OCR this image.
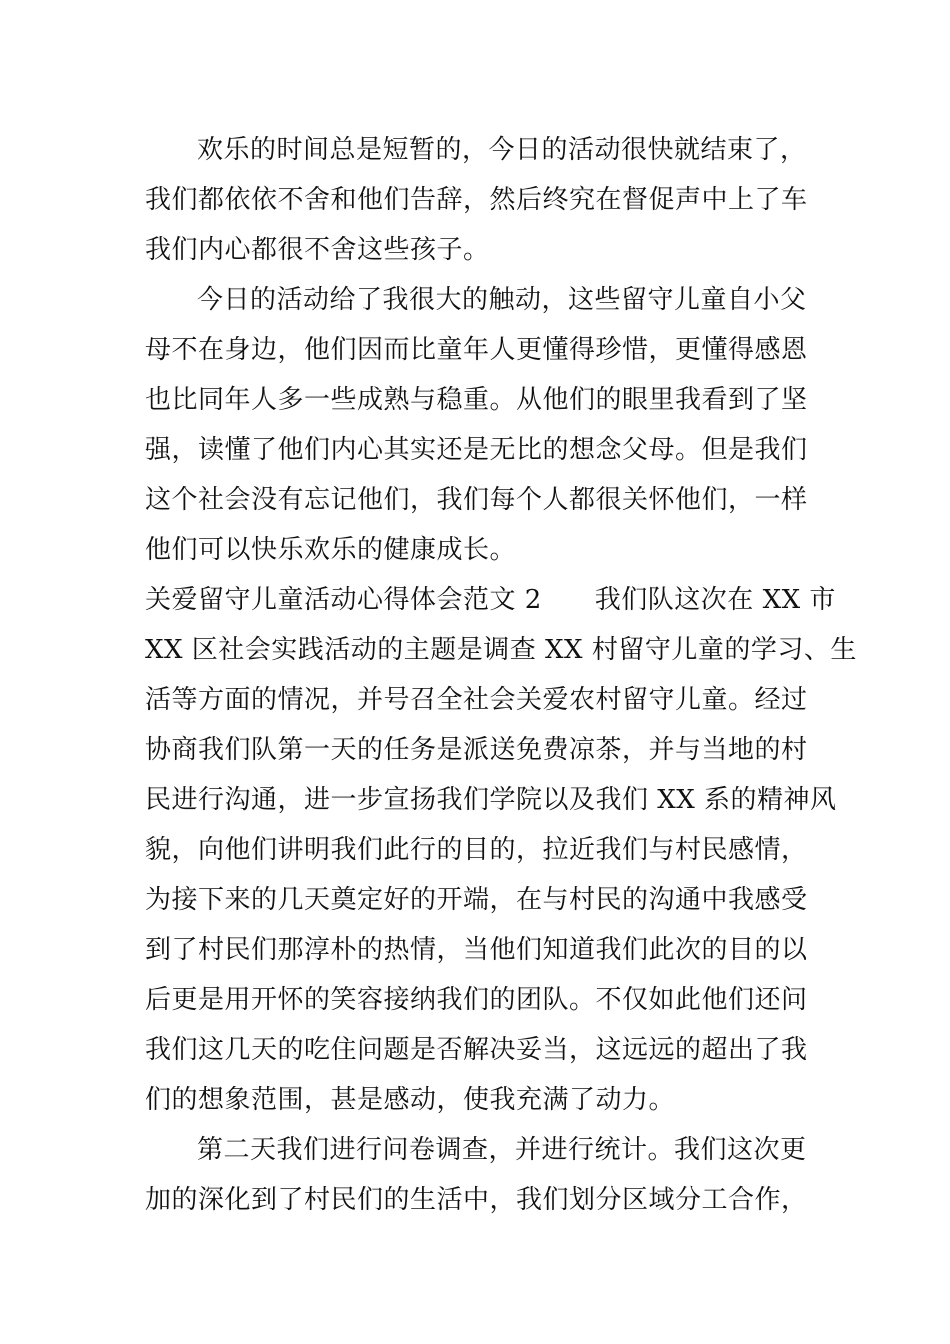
欢乐的时间总是短暂的，今日的活动很快就结束了，
我们都依依不舍和他们告辞，然后终究在督促声中上了车
我们内心都很不舍这些孩子。
今日的活动给了我很大的触动，这些留守儿童自小父
母不在身边，他们因而比童年人更懂得珍惜，更懂得感恩
也比同年人多一些成熟与稳重。从他们的眼里我看到了坚
强，读懂了他们内心其实还是无比的想念父母。但是我们
这个社会没有忘记他们，我们每个人都很关怀他们，一样
他们可以快乐欢乐的健康成长。
关爱留守儿童活动心得体会范文 2　　我们队这次在 XX 市
XX 区社会实践活动的主题是调查 XX 村留守儿童的学习、生
活等方面的情况，并号召全社会关爱农村留守儿童。经过
协商我们队第一天的任务是派送免费凉茶，并与当地的村
民进行沟通，进一步宣扬我们学院以及我们 XX 系的精神风
貌，向他们讲明我们此行的目的，拉近我们与村民感情，
为接下来的几天奠定好的开端，在与村民的沟通中我感受
到了村民们那淳朴的热情，当他们知道我们此次的目的以
后更是用开怀的笑容接纳我们的团队。不仅如此他们还问
我们这几天的吃住问题是否解决妥当，这远远的超出了我
们的想象范围，甚是感动，使我充满了动力。
第二天我们进行问卷调查，并进行统计。我们这次更
加的深化到了村民们的生活中，我们划分区域分工合作，
